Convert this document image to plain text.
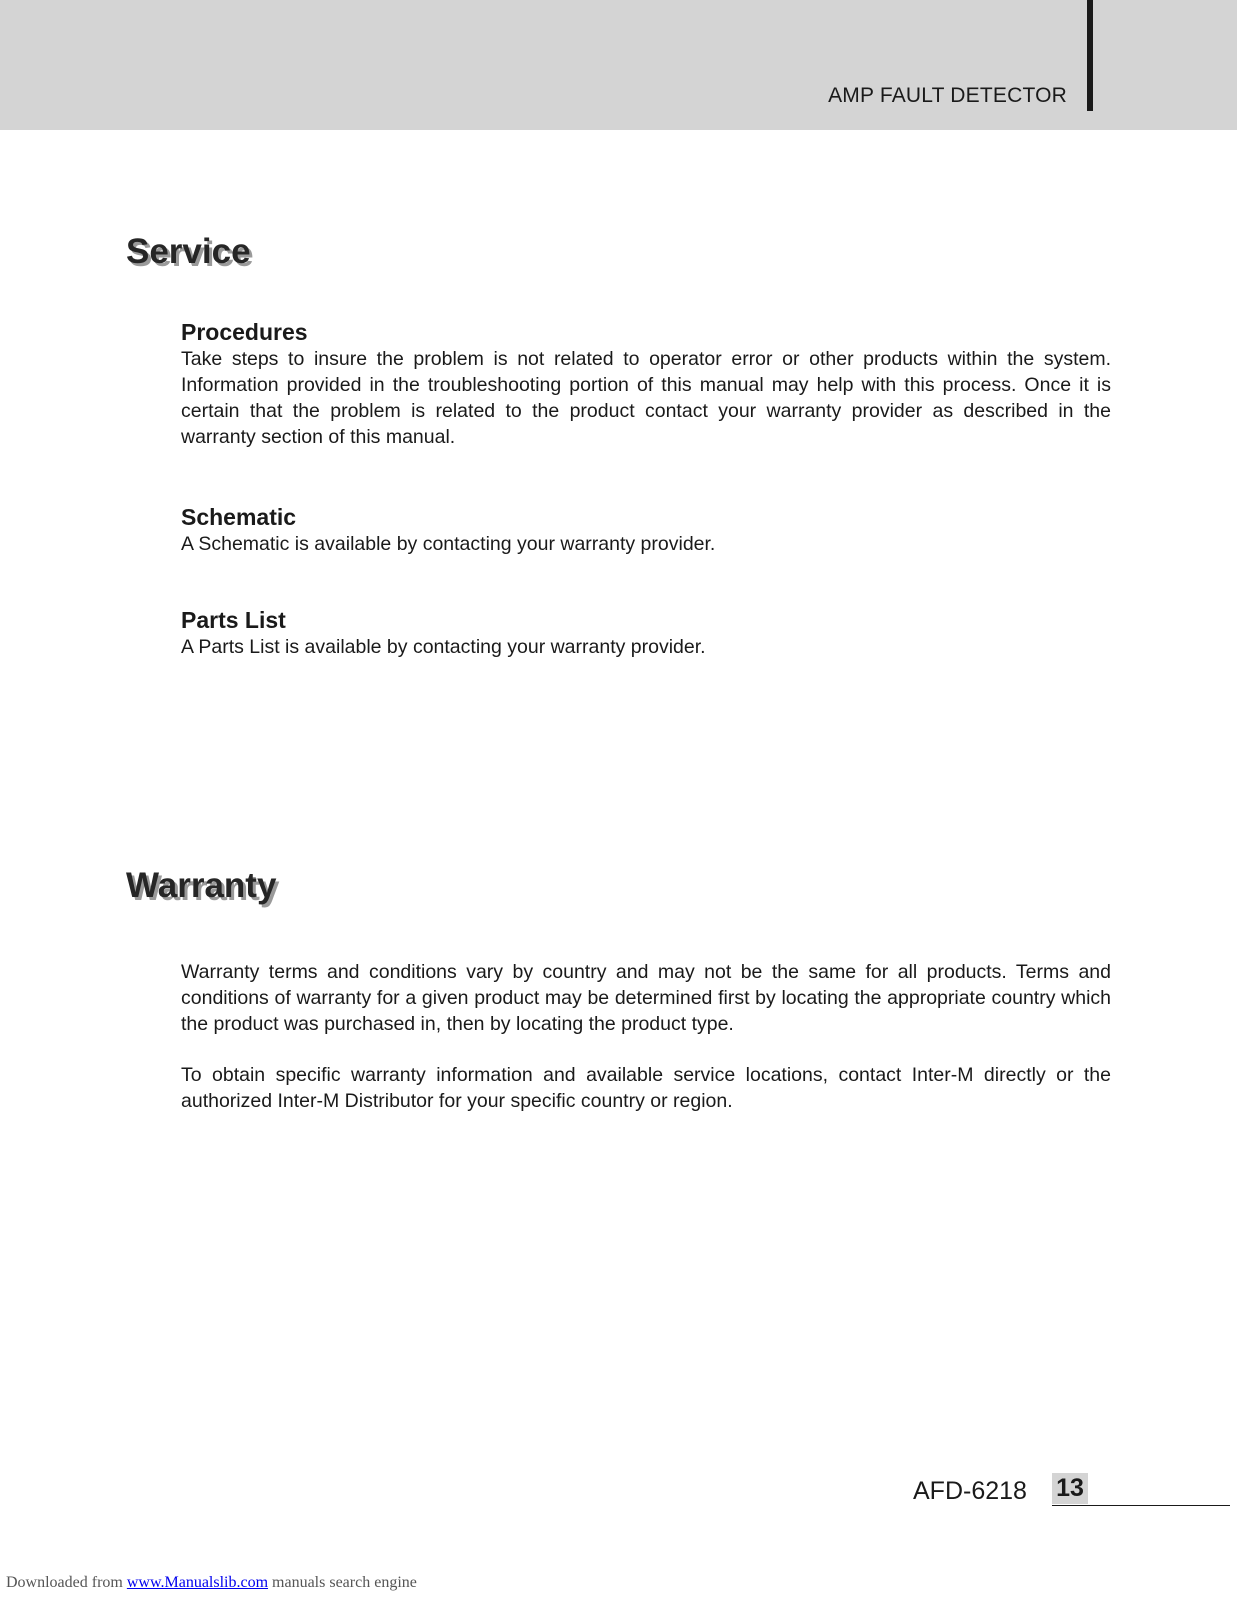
AMP FAULT DETECTOR
Service
Procedures

Take steps to insure the problem is not related to operator error or other products within the system. Information provided in the troubleshooting portion of this manual may help with this process. Once it is certain that the problem is related to the product contact your warranty provider as described in the warranty section of this manual.

Schematic

A Schematic is available by contacting your warranty provider.

Parts List

A Parts List is available by contacting your warranty provider.

Warranty

Warranty terms and conditions vary by country and may not be the same for all products. Terms and conditions of warranty for a given product may be determined first by locating the appropriate country which the product was purchased in, then by locating the product type.

To obtain specific warranty information and available service locations, contact Inter-M directly or the authorized Inter-M Distributor for your specific country or region.

AFD-6218 13
Downloaded from www.Manualslib.com manuals search engine
